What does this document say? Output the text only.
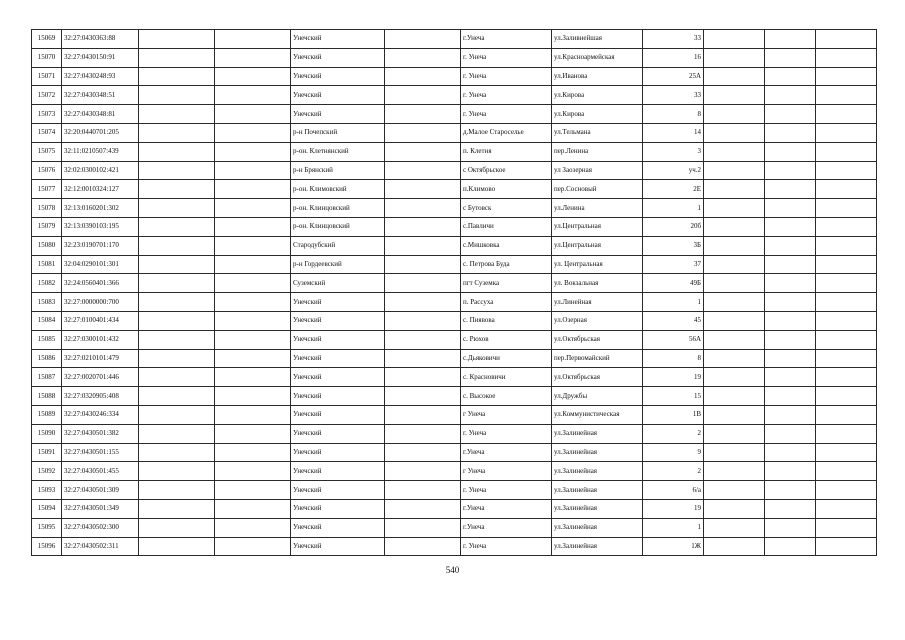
15069	32:27:0430363:88			Унечский		г.Унеча	ул.Заливнейшая	33			
15070	32:27:0430150:91			Унечский		г. Унеча	ул.Красноармейская	16			
15071	32:27:0430248:93			Унечский		г. Унеча	ул.Иванова	25А			
15072	32:27:0430348:51			Унечский		г. Унеча	ул.Кирова	33			
15073	32:27:0430348:81			Унечский		г. Унеча	ул.Кирова	8			
15074	32:20:0440701:205			р-н Почепский		д.Малое Староселье	ул.Тельмана	14			
15075	32:11:0210507:439			р-он. Клетнянский		п. Клетня	пер.Ленина	3			
15076	32:02:0300102:421			р-н Брянский		с Октябрьское	ул Заозерная	уч.2			
15077	32:12:0010324:127			р-он. Климовский		п.Климово	пер.Сосновый	2Е			
15078	32:13:0160201:302			р-он. Клинцовский		с Бутовск	ул.Ленина	1			
15079	32:13:0390103:195			р-он. Клинцовский		с.Павличи	ул.Центральная	20б			
15080	32:23:0190701:170			Стародубский		с.Мишковка	ул.Центральная	3Б			
15081	32:04:0290101:301			р-н Гордеевский		с. Петрова Буда	ул. Центральная	37			
15082	32:24:0560401:366			Суземский		пгт Суземка	ул. Вокзальная	49Б			
15083	32:27:0000000:700			Унечский		п. Рассуха	ул.Линейная	1			
15084	32:27:0100401:434			Унечский		с. Пиявова	ул.Озерная	45			
15085	32:27:0300101:432			Унечский		с. Рюхов	ул.Октябрьская	56А			
15086	32:27:0210101:479			Унечский		с.Дьяковичи	пер.Первомайский	8			
15087	32:27:0020701:446			Унечский		с. Красновичи	ул.Октябрьская	19			
15088	32:27:0320905:408			Унечский		с. Высокое	ул.Дружбы	15			
15089	32:27:0430246:334			Унечский		г Унеча	ул.Коммунистическая	1В			
15090	32:27:0430501:382			Унечский		г. Унеча	ул.Залинейная	2			
15091	32:27:0430501:155			Унечский		г.Унеча	ул.Залинейная	9			
15092	32:27:0430501:455			Унечский		г Унеча	ул.Залинейная	2			
15093	32:27:0430501:309			Унечский		г. Унеча	ул.Залинейная	6/а			
15094	32:27:0430501:349			Унечский		г.Унеча	ул.Залинейная	19			
15095	32:27:0430502:300			Унечский		г.Унеча	ул.Залинейная	1			
15096	32:27:0430502:311			Унечский		г. Унеча	ул.Залинейная	1Ж			
540
